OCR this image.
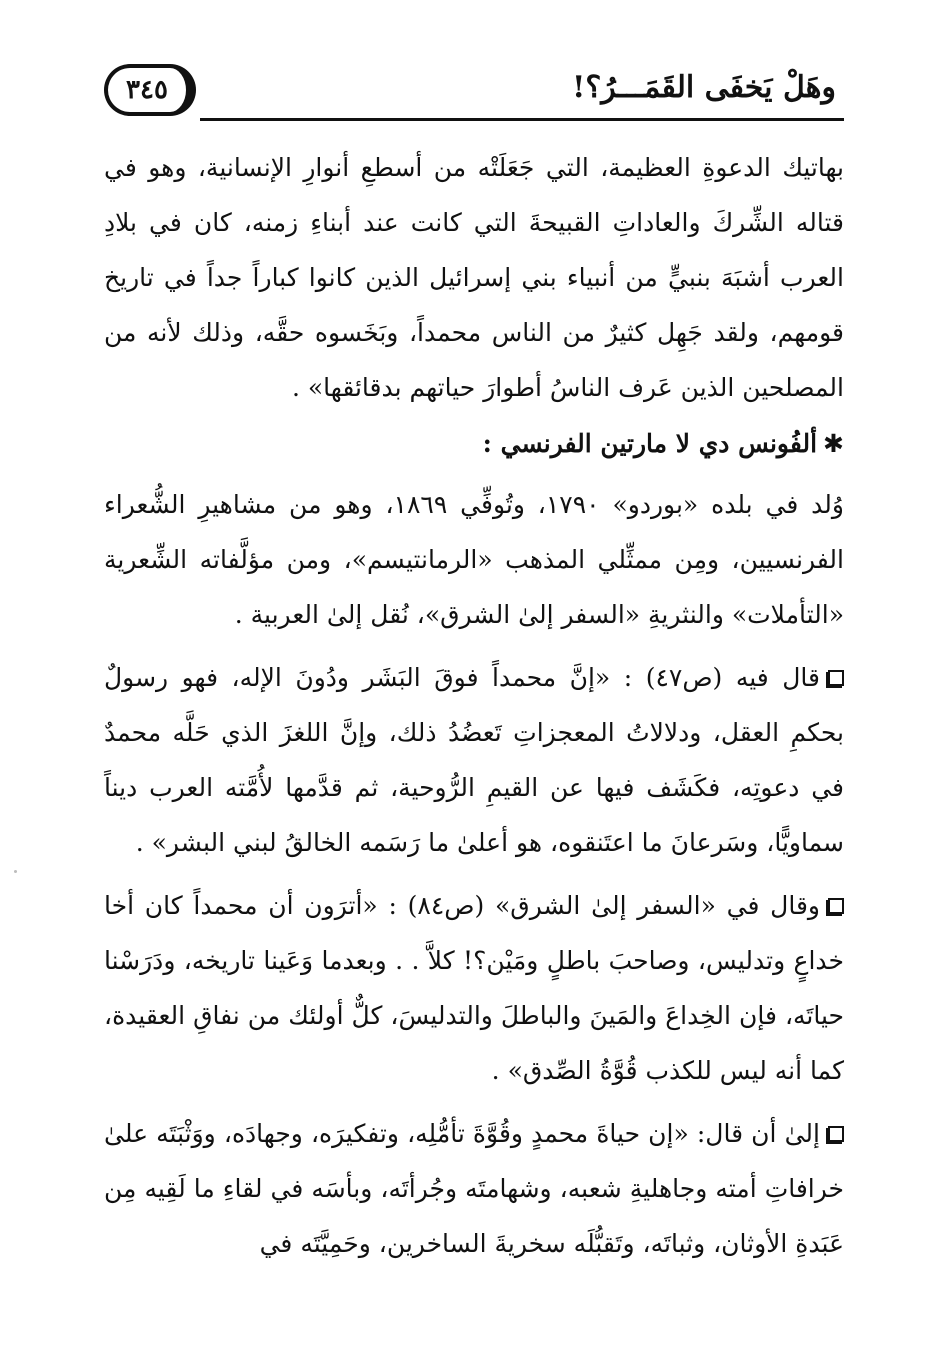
وهَلْ يَخفَى القَمَـــرُ؟!
٣٤٥

بهاتيك الدعوةِ العظيمة، التي جَعَلَتْه من أسطعِ أنوارِ الإنسانية، وهو في قتاله الشِّركَ والعاداتِ القبيحةَ التي كانت عند أبناءِ زمنه، كان في بلادِ العرب أشبَهَ بنبيٍّ من أنبياء بني إسرائيل الذين كانوا كباراً جداً في تاريخ قومهم، ولقد جَهِل كثيرٌ من الناس محمداً، وبَخَسوه حقَّه، وذلك لأنه من المصلحين الذين عَرف الناسُ أطوارَ حياتهم بدقائقها» .

✱ألفُونس دي لا مارتين الفرنسي :

وُلد في بلده «بوردو» ١٧٩٠، وتُوفِّي ١٨٦٩، وهو من مشاهيرِ الشُّعراء الفرنسيين، ومِن ممثِّلي المذهب «الرمانتيسم»، ومن مؤلَّفاته الشِّعرية «التأملات» والنثريةِ «السفر إلىٰ الشرق»، نُقل إلىٰ العربية .

قال فيه (ص٤٧) : «إنَّ محمداً فوقَ البَشَر ودُونَ الإله، فهو رسولٌ بحكمِ العقل، ودلالاتُ المعجزاتِ تَعضُدُ ذلك، وإنَّ اللغزَ الذي حَلَّه محمدٌ في دعوتِه، فكَشَف فيها عن القيمِ الرُّوحية، ثم قدَّمها لأُمَّته العرب ديناً سماويًّا، وسَرعانَ ما اعتَنقوه، هو أعلىٰ ما رَسَمه الخالقُ لبني البشر» .

وقال في «السفر إلىٰ الشرق» (ص٨٤) : «أترَون أن محمداً كان أخا خداعٍ وتدليس، وصاحبَ باطلٍ ومَيْن؟! كلاَّ . . وبعدما وَعَينا تاريخه، ودَرَسْنا حياتَه، فإن الخِداعَ والمَينَ والباطلَ والتدليسَ، كلٌّ أولئك من نفاقِ العقيدة، كما أنه ليس للكذب قُوَّةُ الصِّدق» .

إلىٰ أن قال: «إن حياةَ محمدٍ وقُوَّةَ تأمُّلِه، وتفكيرَه، وجهادَه، ووَثْبَتَه علىٰ خرافاتِ أمته وجاهليةِ شعبه، وشهامتَه وجُرأتَه، وبأسَه في لقاءِ ما لَقِيه مِن عَبَدةِ الأوثان، وثباتَه، وتَقبُّلَه سخريةَ الساخرين، وحَمِيَّتَه في
